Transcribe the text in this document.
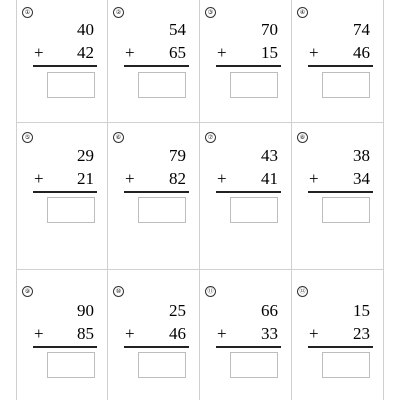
①
40
+ 42
②
54
+ 65
③
70
+ 15
④
74
+ 46
⑤
29
+ 21
⑥
79
+ 82
⑦
43
+ 41
⑧
38
+ 34
⑨
90
+ 85
⑩
25
+ 46
⑪
66
+ 33
⑫
15
+ 23
